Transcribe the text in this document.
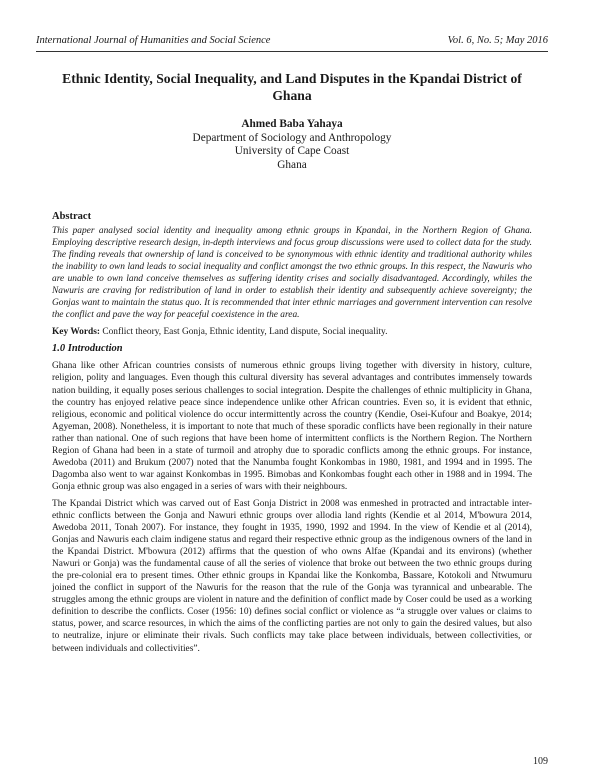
International Journal of Humanities and Social Science	Vol. 6, No. 5; May 2016
Ethnic Identity, Social Inequality, and Land Disputes in the Kpandai District of Ghana
Ahmed Baba Yahaya
Department of Sociology and Anthropology
University of Cape Coast
Ghana
Abstract

This paper analysed social identity and inequality among ethnic groups in Kpandai, in the Northern Region of Ghana. Employing descriptive research design, in-depth interviews and focus group discussions were used to collect data for the study. The finding reveals that ownership of land is conceived to be synonymous with ethnic identity and traditional authority whiles the inability to own land leads to social inequality and conflict amongst the two ethnic groups. In this respect, the Nawuris who are unable to own land conceive themselves as suffering identity crises and socially disadvantaged. Accordingly, whiles the Nawuris are craving for redistribution of land in order to establish their identity and subsequently achieve sovereignty; the Gonjas want to maintain the status quo. It is recommended that inter ethnic marriages and government intervention can resolve the conflict and pave the way for peaceful coexistence in the area.

Key Words: Conflict theory, East Gonja, Ethnic identity, Land dispute, Social inequality.

1.0 Introduction

Ghana like other African countries consists of numerous ethnic groups living together with diversity in history, culture, religion, polity and languages. Even though this cultural diversity has several advantages and contributes immensely towards nation building, it equally poses serious challenges to social integration. Despite the challenges of ethnic multiplicity in Ghana, the country has enjoyed relative peace since independence unlike other African countries. Even so, it is evident that ethnic, religious, economic and political violence do occur intermittently across the country (Kendie, Osei-Kufour and Boakye, 2014; Agyeman, 2008). Nonetheless, it is important to note that much of these sporadic conflicts have been regionally in their nature rather than national. One of such regions that have been home of intermittent conflicts is the Northern Region. The Northern Region of Ghana had been in a state of turmoil and atrophy due to sporadic conflicts among the ethnic groups. For instance, Awedoba (2011) and Brukum (2007) noted that the Nanumba fought Konkombas in 1980, 1981, and 1994 and in 1995. The Dagomba also went to war against Konkombas in 1995. Bimobas and Konkombas fought each other in 1988 and in 1994. The Gonja ethnic group was also engaged in a series of wars with their neighbours.

The Kpandai District which was carved out of East Gonja District in 2008 was enmeshed in protracted and intractable inter-ethnic conflicts between the Gonja and Nawuri ethnic groups over allodia land rights (Kendie et al 2014, M'bowura 2014, Awedoba 2011, Tonah 2007). For instance, they fought in 1935, 1990, 1992 and 1994. In the view of Kendie et al (2014), Gonjas and Nawuris each claim indigene status and regard their respective ethnic group as the indigenous owners of the land in the Kpandai District. M'bowura (2012) affirms that the question of who owns Alfae (Kpandai and its environs) (whether Nawuri or Gonja) was the fundamental cause of all the series of violence that broke out between the two ethnic groups during the pre-colonial era to present times. Other ethnic groups in Kpandai like the Konkomba, Bassare, Kotokoli and Ntwumuru joined the conflict in support of the Nawuris for the reason that the rule of the Gonja was tyrannical and unbearable. The struggles among the ethnic groups are violent in nature and the definition of conflict made by Coser could be used as a working definition to describe the conflicts. Coser (1956: 10) defines social conflict or violence as “a struggle over values or claims to status, power, and scarce resources, in which the aims of the conflicting parties are not only to gain the desired values, but also to neutralize, injure or eliminate their rivals. Such conflicts may take place between individuals, between collectivities, or between individuals and collectivities”.

109
